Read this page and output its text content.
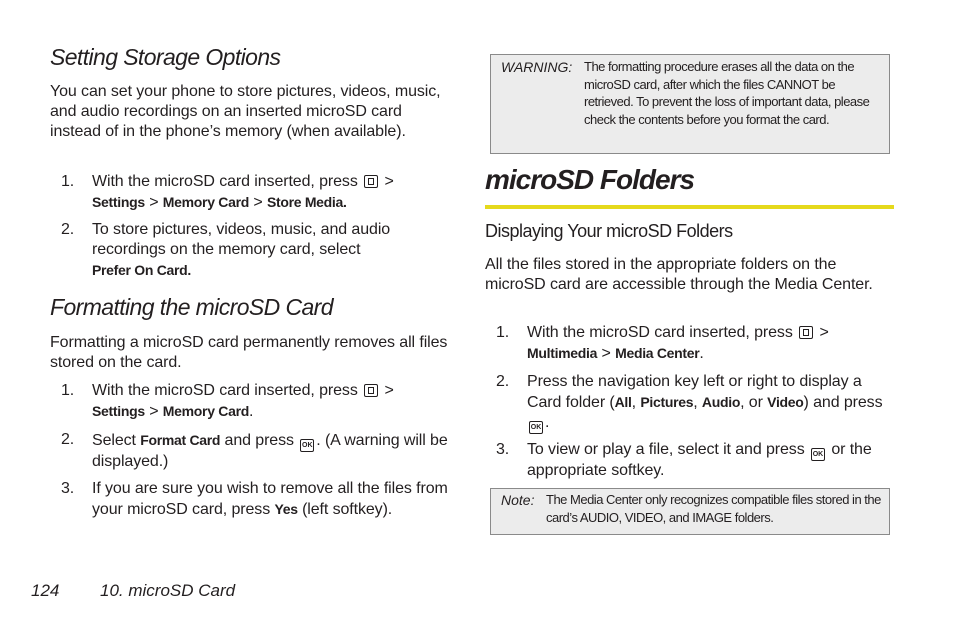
Setting Storage Options

You can set your phone to store pictures, videos, music, and audio recordings on an inserted microSD card instead of in the phone’s memory (when available).

1. With the microSD card inserted, press >
Settings > Memory Card > Store Media.
2. To store pictures, videos, music, and audio recordings on the memory card, select
Prefer On Card.
Formatting the microSD Card

Formatting a microSD card permanently removes all files stored on the card.

1. With the microSD card inserted, press >
Settings > Memory Card.
2. Select Format Card and press OK . (A warning will be displayed.)
3. If you are sure you wish to remove all the files from your microSD card, press Yes (left softkey).
WARNING: The formatting procedure erases all the data on the microSD card, after which the files CANNOT be retrieved. To prevent the loss of important data, please check the contents before you format the card.
microSD Folders
Displaying Your microSD Folders

All the files stored in the appropriate folders on the microSD card are accessible through the Media Center.

1. With the microSD card inserted, press >
Multimedia > Media Center.
2. Press the navigation key left or right to display a Card folder (All, Pictures, Audio, or Video) and press OK .
3. To view or play a file, select it and press OK or the appropriate softkey.
Note: The Media Center only recognizes compatible files stored in the card’s AUDIO, VIDEO, and IMAGE folders.
124 10. microSD Card
